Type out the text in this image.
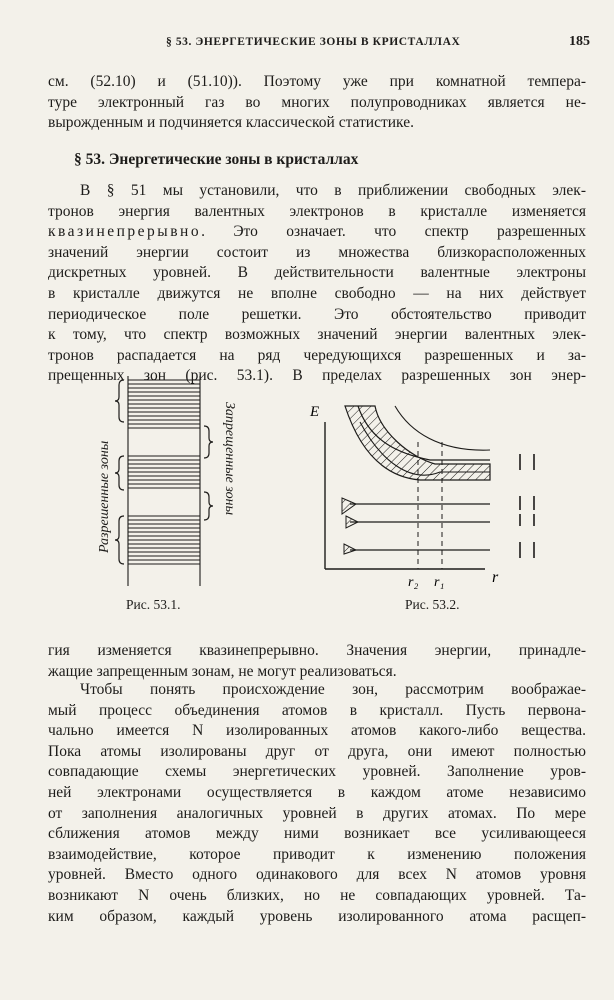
§ 53. ЭНЕРГЕТИЧЕСКИЕ ЗОНЫ В КРИСТАЛЛАХ	185
см. (52.10) и (51.10)). Поэтому уже при комнатной темпера-
туре электронный газ во многих полупроводниках является не-
вырожденным и подчиняется классической статистике.
§ 53. Энергетические зоны в кристаллах
В § 51 мы установили, что в приближении свободных элек-
тронов энергия валентных электронов в кристалле изменяется
квазинепрерывно. Это означает. что спектр разрешенных
значений энергии состоит из множества близкорасположенных
дискретных уровней. В действительности валентные электроны
в кристалле движутся не вполне свободно — на них действует
периодическое поле решетки. Это обстоятельство приводит
к тому, что спектр возможных значений энергии валентных элек-
тронов распадается на ряд чередующихся разрешенных и за-
прещенных зон (рис. 53.1). В пределах разрешенных зон энер-
Разрешенные зоны	Запрещенные зоны
Рис. 53.1.
E
r
r₂ r₁
Рис. 53.2.
гия изменяется квазинепрерывно. Значения энергии, принадле-
жащие запрещенным зонам, не могут реализоваться.
Чтобы понять происхождение зон, рассмотрим воображае-
мый процесс объединения атомов в кристалл. Пусть первона-
чально имеется N изолированных атомов какого-либо вещества.
Пока атомы изолированы друг от друга, они имеют полностью
совпадающие схемы энергетических уровней. Заполнение уров-
ней электронами осуществляется в каждом атоме независимо
от заполнения аналогичных уровней в других атомах. По мере
сближения атомов между ними возникает все усиливающееся
взаимодействие, которое приводит к изменению положения
уровней. Вместо одного одинакового для всех N атомов уровня
возникают N очень близких, но не совпадающих уровней. Та-
ким образом, каждый уровень изолированного атома расщеп-
